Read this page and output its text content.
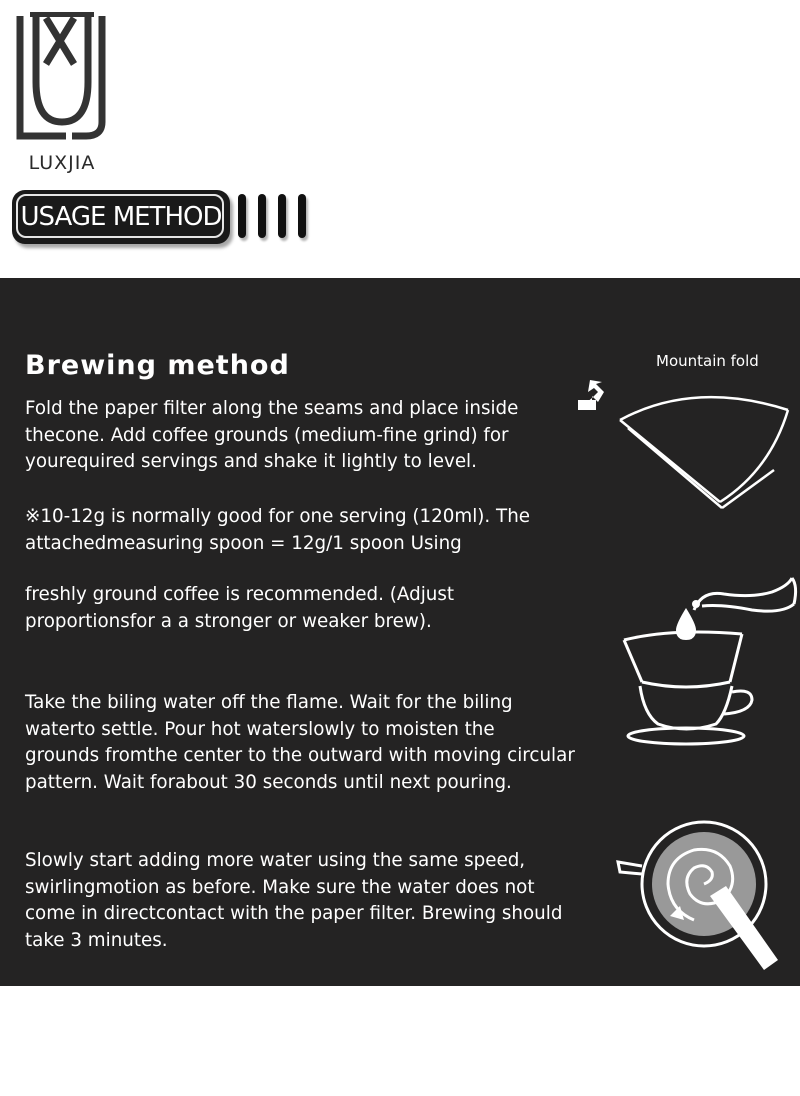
LUXJIA
USAGE METHOD
Brewing method

Fold the paper filter along the seams and place inside
thecone. Add coffee grounds (medium-fine grind) for
yourequired servings and shake it lightly to level.

※10-12g is normally good for one serving (120ml). The
attachedmeasuring spoon = 12g/1 spoon Using

freshly ground coffee is recommended. (Adjust
proportionsfor a a stronger or weaker brew).

Take the biling water off the flame. Wait for the biling
waterto settle. Pour hot waterslowly to moisten the
grounds fromthe center to the outward with moving circular
pattern. Wait forabout 30 seconds until next pouring.

Slowly start adding more water using the same speed,
swirlingmotion as before. Make sure the water does not
come in directcontact with the paper filter. Brewing should
take 3 minutes.

Mountain fold
